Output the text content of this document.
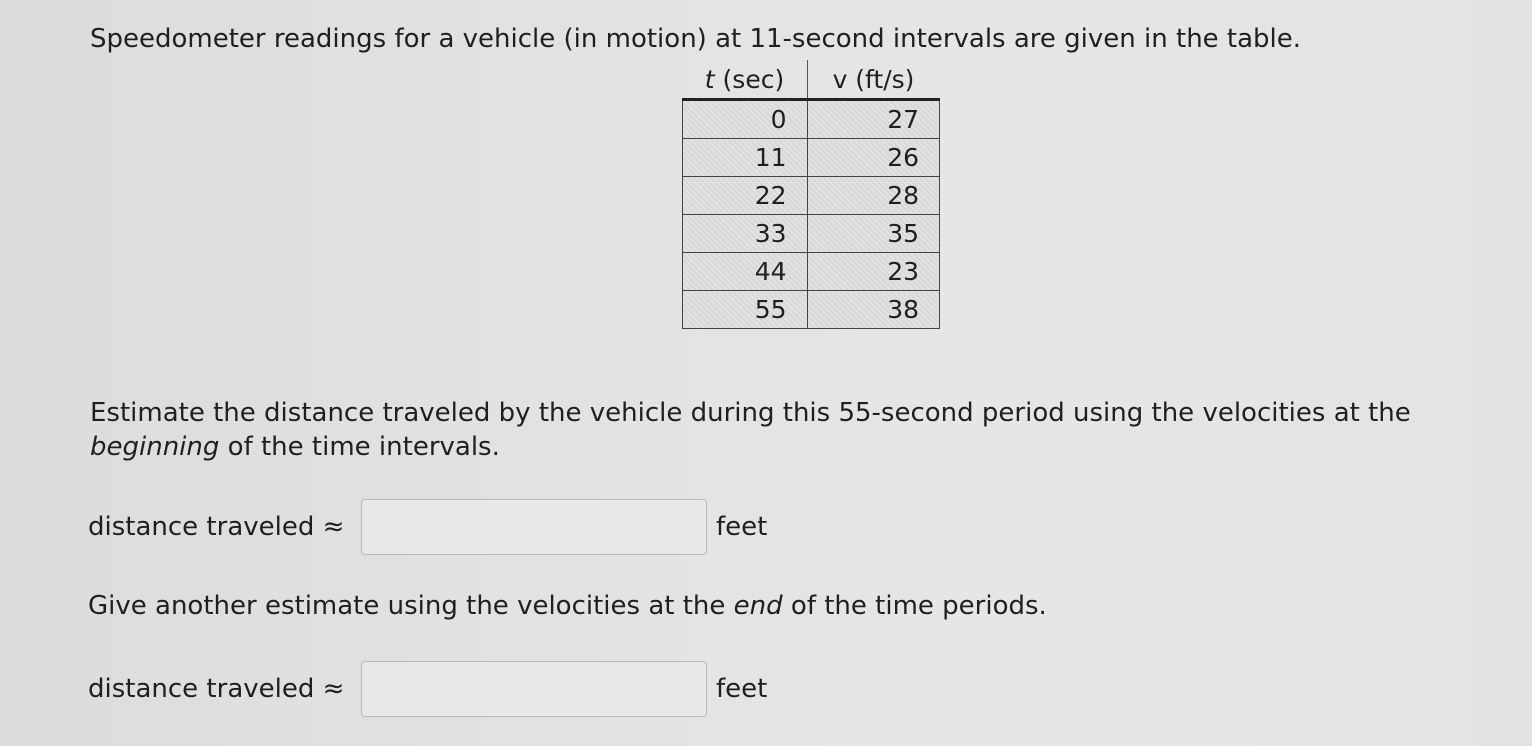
Speedometer readings for a vehicle (in motion) at 11-second intervals are given in the table.

t (sec)	v (ft/s)
0	27
11	26
22	28
33	35
44	23
55	38

Estimate the distance traveled by the vehicle during this 55-second period using the velocities at the beginning of the time intervals.

distance traveled ≈	feet

Give another estimate using the velocities at the end of the time periods.

distance traveled ≈	feet
